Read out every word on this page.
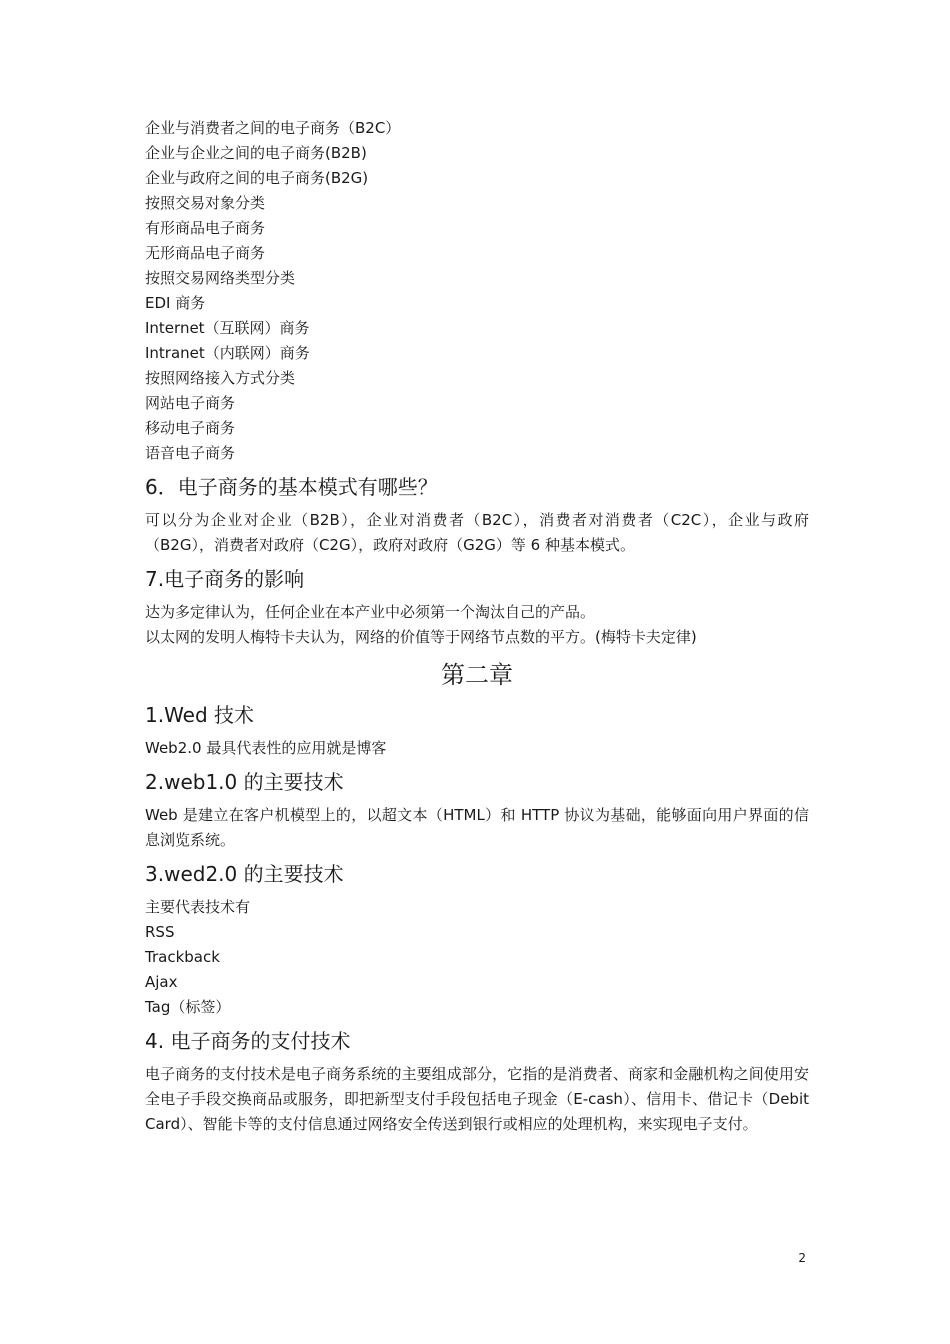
企业与消费者之间的电子商务（B2C）

企业与企业之间的电子商务(B2B)

企业与政府之间的电子商务(B2G)

按照交易对象分类

有形商品电子商务

无形商品电子商务

按照交易网络类型分类

EDI 商务

Internet（互联网）商务

Intranet（内联网）商务

按照网络接入方式分类

网站电子商务

移动电子商务

语音电子商务

6．电子商务的基本模式有哪些？

可以分为企业对企业（B2B），企业对消费者（B2C），消费者对消费者（C2C），企业与政府（B2G），消费者对政府（C2G），政府对政府（G2G）等 6 种基本模式。

7.电子商务的影响

达为多定律认为，任何企业在本产业中必须第一个淘汰自己的产品。

以太网的发明人梅特卡夫认为，网络的价值等于网络节点数的平方。(梅特卡夫定律)

第二章
1.Wed 技术

Web2.0 最具代表性的应用就是博客

2.web1.0 的主要技术

Web 是建立在客户机模型上的，以超文本（HTML）和 HTTP 协议为基础，能够面向用户界面的信息浏览系统。

3.wed2.0 的主要技术

主要代表技术有

RSS

Trackback

Ajax

Tag（标签）

4. 电子商务的支付技术

电子商务的支付技术是电子商务系统的主要组成部分，它指的是消费者、商家和金融机构之间使用安全电子手段交换商品或服务，即把新型支付手段包括电子现金（E-cash）、信用卡、借记卡（Debit Card）、智能卡等的支付信息通过网络安全传送到银行或相应的处理机构，来实现电子支付。

2
